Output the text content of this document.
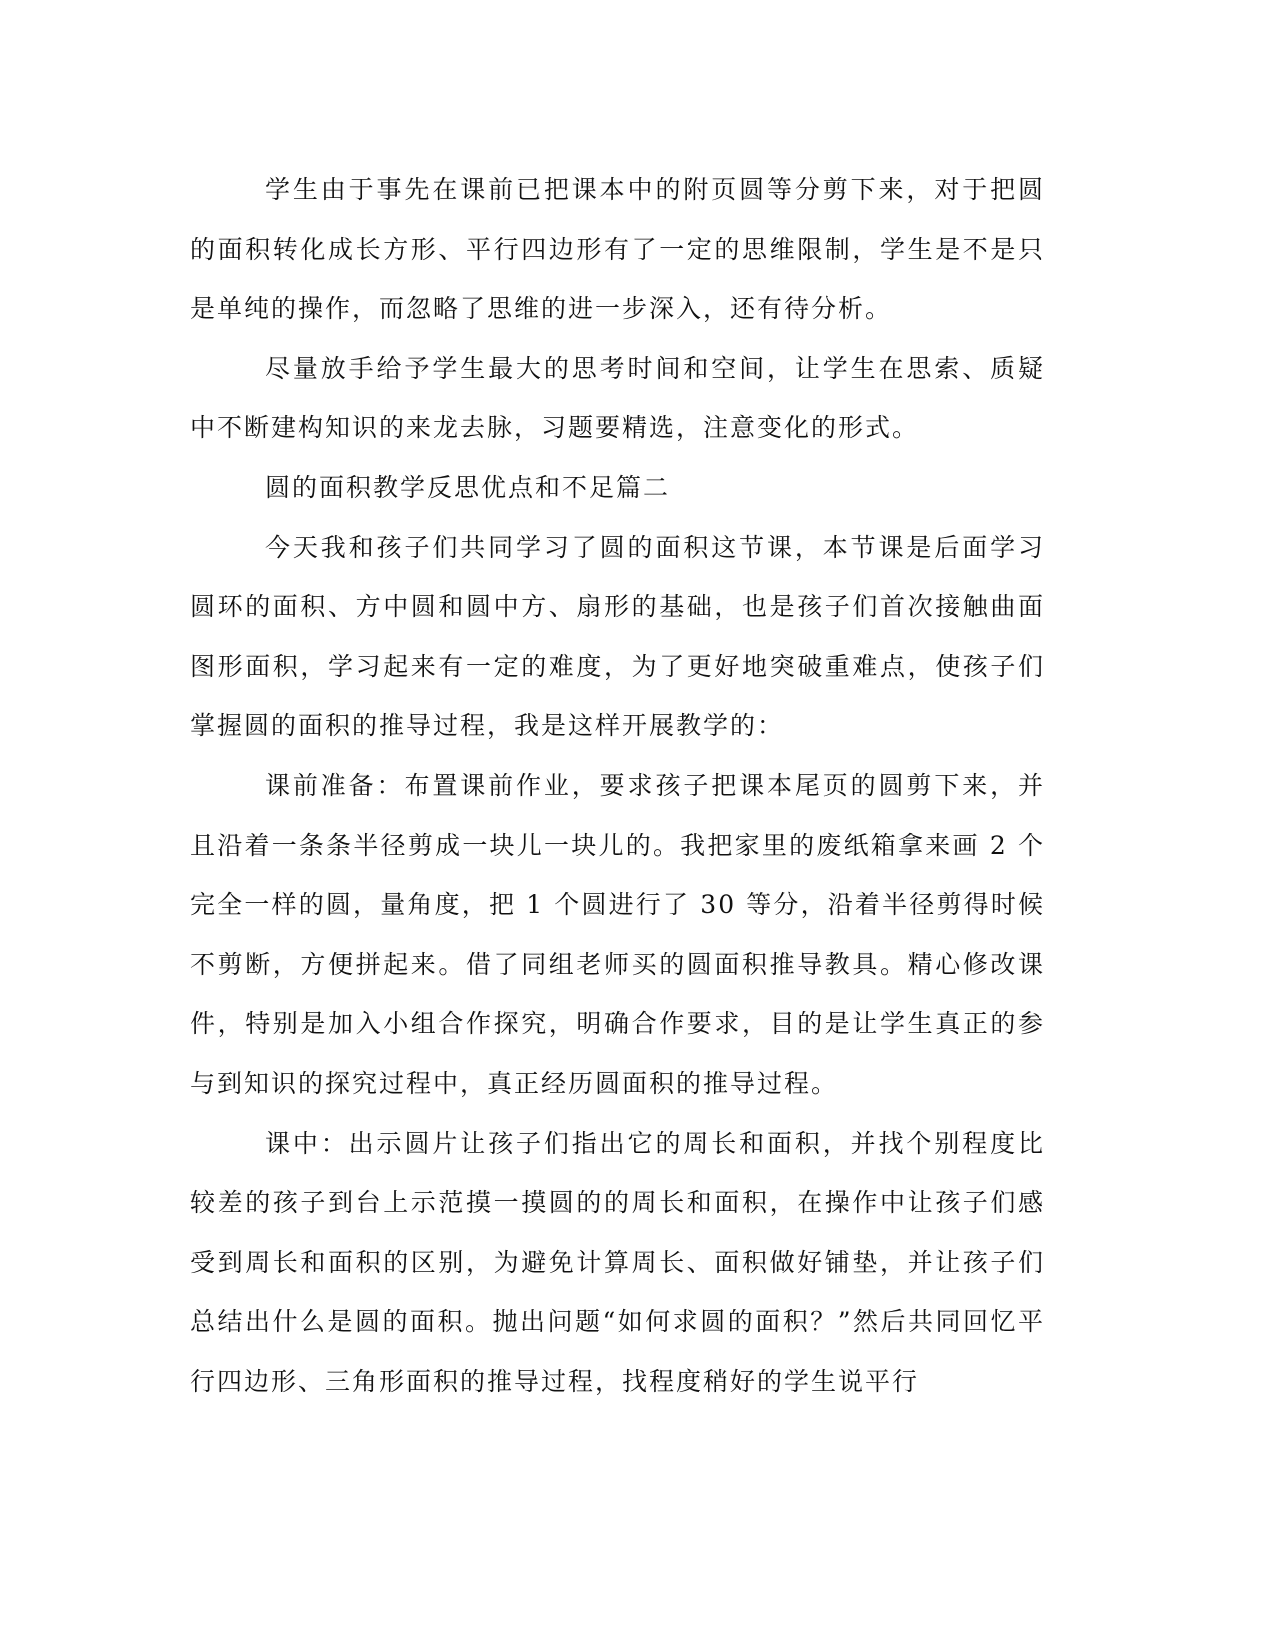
学生由于事先在课前已把课本中的附页圆等分剪下来，对于把圆的面积转化成长方形、平行四边形有了一定的思维限制，学生是不是只是单纯的操作，而忽略了思维的进一步深入，还有待分析。

尽量放手给予学生最大的思考时间和空间，让学生在思索、质疑中不断建构知识的来龙去脉，习题要精选，注意变化的形式。

圆的面积教学反思优点和不足篇二

今天我和孩子们共同学习了圆的面积这节课，本节课是后面学习圆环的面积、方中圆和圆中方、扇形的基础，也是孩子们首次接触曲面图形面积，学习起来有一定的难度，为了更好地突破重难点，使孩子们掌握圆的面积的推导过程，我是这样开展教学的：

课前准备：布置课前作业，要求孩子把课本尾页的圆剪下来，并且沿着一条条半径剪成一块儿一块儿的。我把家里的废纸箱拿来画 2 个完全一样的圆，量角度，把 1 个圆进行了 30 等分，沿着半径剪得时候不剪断，方便拼起来。借了同组老师买的圆面积推导教具。精心修改课件，特别是加入小组合作探究，明确合作要求，目的是让学生真正的参与到知识的探究过程中，真正经历圆面积的推导过程。

课中：出示圆片让孩子们指出它的周长和面积，并找个别程度比较差的孩子到台上示范摸一摸圆的的周长和面积，在操作中让孩子们感受到周长和面积的区别，为避免计算周长、面积做好铺垫，并让孩子们总结出什么是圆的面积。抛出问题“如何求圆的面积？”然后共同回忆平行四边形、三角形面积的推导过程，找程度稍好的学生说平行
